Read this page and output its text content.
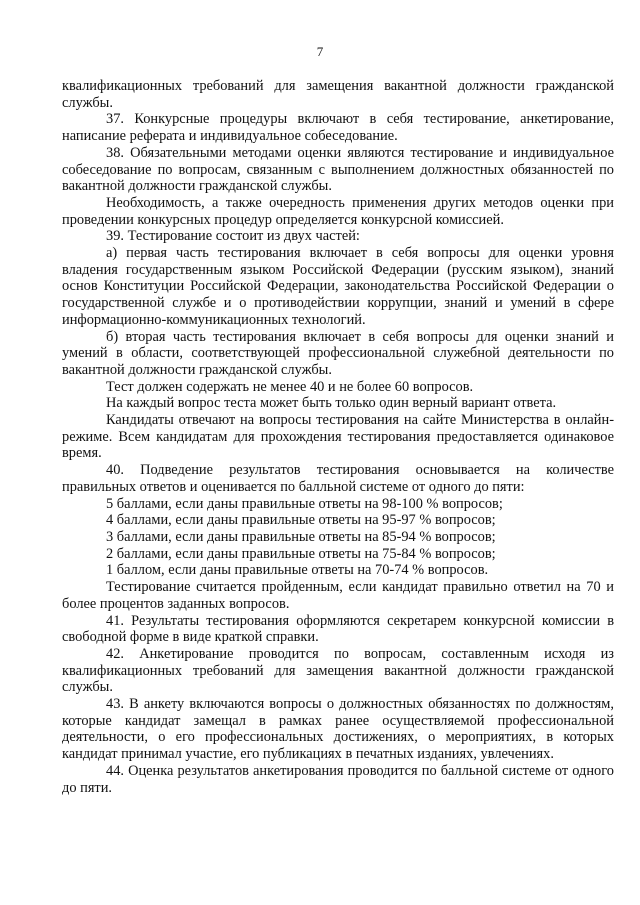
7

квалификационных требований для замещения вакантной должности гражданской службы.

37. Конкурсные процедуры включают в себя тестирование, анкетирование, написание реферата и индивидуальное собеседование.

38. Обязательными методами оценки являются тестирование и индивидуальное собеседование по вопросам, связанным с выполнением должностных обязанностей по вакантной должности гражданской службы.

Необходимость, а также очередность применения других методов оценки при проведении конкурсных процедур определяется конкурсной комиссией.

39. Тестирование состоит из двух частей:

а) первая часть тестирования включает в себя вопросы для оценки уровня владения государственным языком Российской Федерации (русским языком), знаний основ Конституции Российской Федерации, законодательства Российской Федерации о государственной службе и о противодействии коррупции, знаний и умений в сфере информационно-коммуникационных технологий.

б) вторая часть тестирования включает в себя вопросы для оценки знаний и умений в области, соответствующей профессиональной служебной деятельности по вакантной должности гражданской службы.

Тест должен содержать не менее 40 и не более 60 вопросов.

На каждый вопрос теста может быть только один верный вариант ответа.

Кандидаты отвечают на вопросы тестирования на сайте Министерства в онлайн-режиме. Всем кандидатам для прохождения тестирования предоставляется одинаковое время.

40. Подведение результатов тестирования основывается на количестве правильных ответов и оценивается по балльной системе от одного до пяти:

5 баллами, если даны правильные ответы на 98-100 % вопросов;

4 баллами, если даны правильные ответы на 95-97 % вопросов;

3 баллами, если даны правильные ответы на 85-94 % вопросов;

2 баллами, если даны правильные ответы на 75-84 % вопросов;

1 баллом, если даны правильные ответы на 70-74 % вопросов.

Тестирование считается пройденным, если кандидат правильно ответил на 70 и более процентов заданных вопросов.

41. Результаты тестирования оформляются секретарем конкурсной комиссии в свободной форме в виде краткой справки.

42. Анкетирование проводится по вопросам, составленным исходя из квалификационных требований для замещения вакантной должности гражданской службы.

43. В анкету включаются вопросы о должностных обязанностях по должностям, которые кандидат замещал в рамках ранее осуществляемой профессиональной деятельности, о его профессиональных достижениях, о мероприятиях, в которых кандидат принимал участие, его публикациях в печатных изданиях, увлечениях.

44. Оценка результатов анкетирования проводится по балльной системе от одного до пяти.
